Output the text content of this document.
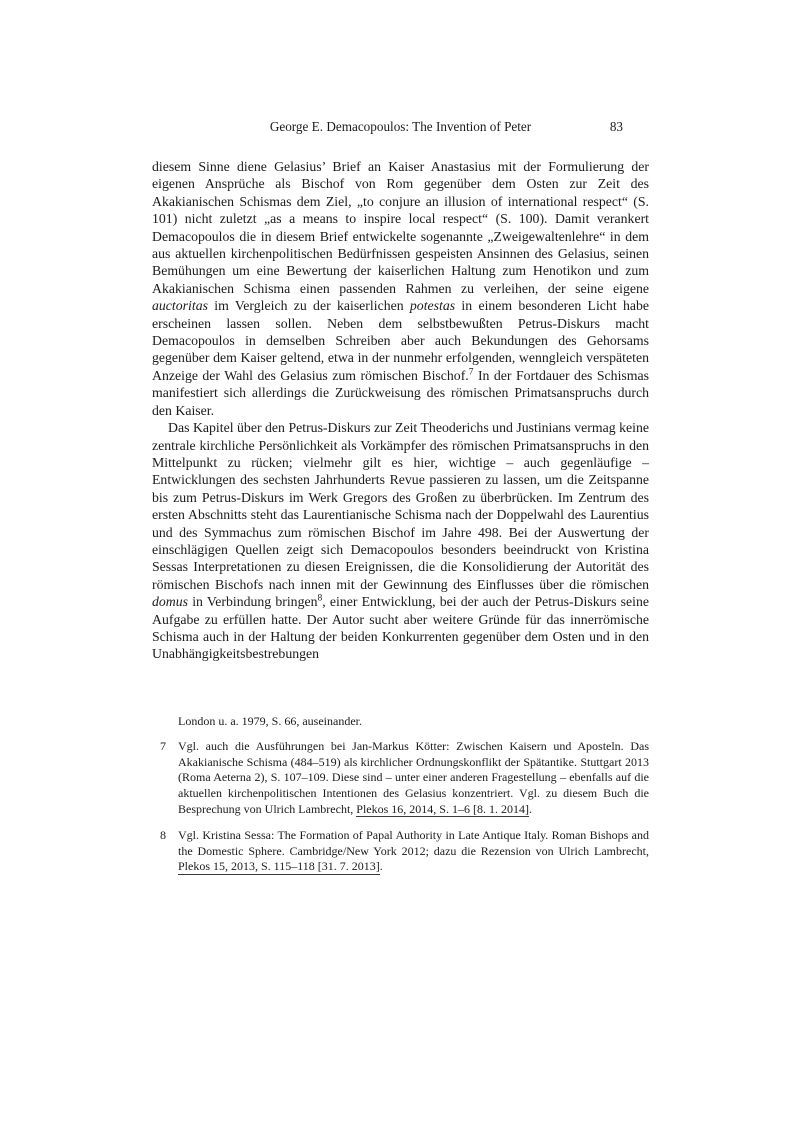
George E. Demacopoulos: The Invention of Peter	83

diesem Sinne diene Gelasius’ Brief an Kaiser Anastasius mit der Formulierung der eigenen Ansprüche als Bischof von Rom gegenüber dem Osten zur Zeit des Akakianischen Schismas dem Ziel, „to conjure an illusion of international respect“ (S. 101) nicht zuletzt „as a means to inspire local respect“ (S. 100). Damit verankert Demacopoulos die in diesem Brief entwickelte sogenannte „Zweigewaltenlehre“ in dem aus aktuellen kirchenpolitischen Bedürfnissen gespeisten Ansinnen des Gelasius, seinen Bemühungen um eine Bewertung der kaiserlichen Haltung zum Henotikon und zum Akakianischen Schisma einen passenden Rahmen zu verleihen, der seine eigene auctoritas im Vergleich zu der kaiserlichen potestas in einem besonderen Licht habe erscheinen lassen sollen. Neben dem selbstbewußten Petrus-Diskurs macht Demacopoulos in demselben Schreiben aber auch Bekundungen des Gehorsams gegenüber dem Kaiser geltend, etwa in der nunmehr erfolgenden, wenngleich verspäteten Anzeige der Wahl des Gelasius zum römischen Bischof.$^7$ In der Fortdauer des Schismas manifestiert sich allerdings die Zurückweisung des römischen Primatsanspruchs durch den Kaiser.

Das Kapitel über den Petrus-Diskurs zur Zeit Theoderichs und Justinians vermag keine zentrale kirchliche Persönlichkeit als Vorkämpfer des römischen Primatsanspruchs in den Mittelpunkt zu rücken; vielmehr gilt es hier, wichtige – auch gegenläufige – Entwicklungen des sechsten Jahrhunderts Revue passieren zu lassen, um die Zeitspanne bis zum Petrus-Diskurs im Werk Gregors des Großen zu überbrücken. Im Zentrum des ersten Abschnitts steht das Laurentianische Schisma nach der Doppelwahl des Laurentius und des Symmachus zum römischen Bischof im Jahre 498. Bei der Auswertung der einschlägigen Quellen zeigt sich Demacopoulos besonders beeindruckt von Kristina Sessas Interpretationen zu diesen Ereignissen, die die Konsolidierung der Autorität des römischen Bischofs nach innen mit der Gewinnung des Einflusses über die römischen domus in Verbindung bringen$^8$, einer Entwicklung, bei der auch der Petrus-Diskurs seine Aufgabe zu erfüllen hatte. Der Autor sucht aber weitere Gründe für das innerrömische Schisma auch in der Haltung der beiden Konkurrenten gegenüber dem Osten und in den Unabhängigkeitsbestrebungen

London u. a. 1979, S. 66, auseinander.

7	Vgl. auch die Ausführungen bei Jan-Markus Kötter: Zwischen Kaisern und Aposteln. Das Akakianische Schisma (484–519) als kirchlicher Ordnungskonflikt der Spätantike. Stuttgart 2013 (Roma Aeterna 2), S. 107–109. Diese sind – unter einer anderen Fragestellung – ebenfalls auf die aktuellen kirchenpolitischen Intentionen des Gelasius konzentriert. Vgl. zu diesem Buch die Besprechung von Ulrich Lambrecht, Plekos 16, 2014, S. 1–6 [8. 1. 2014].
8	Vgl. Kristina Sessa: The Formation of Papal Authority in Late Antique Italy. Roman Bishops and the Domestic Sphere. Cambridge/New York 2012; dazu die Rezension von Ulrich Lambrecht, Plekos 15, 2013, S. 115–118 [31. 7. 2013].
